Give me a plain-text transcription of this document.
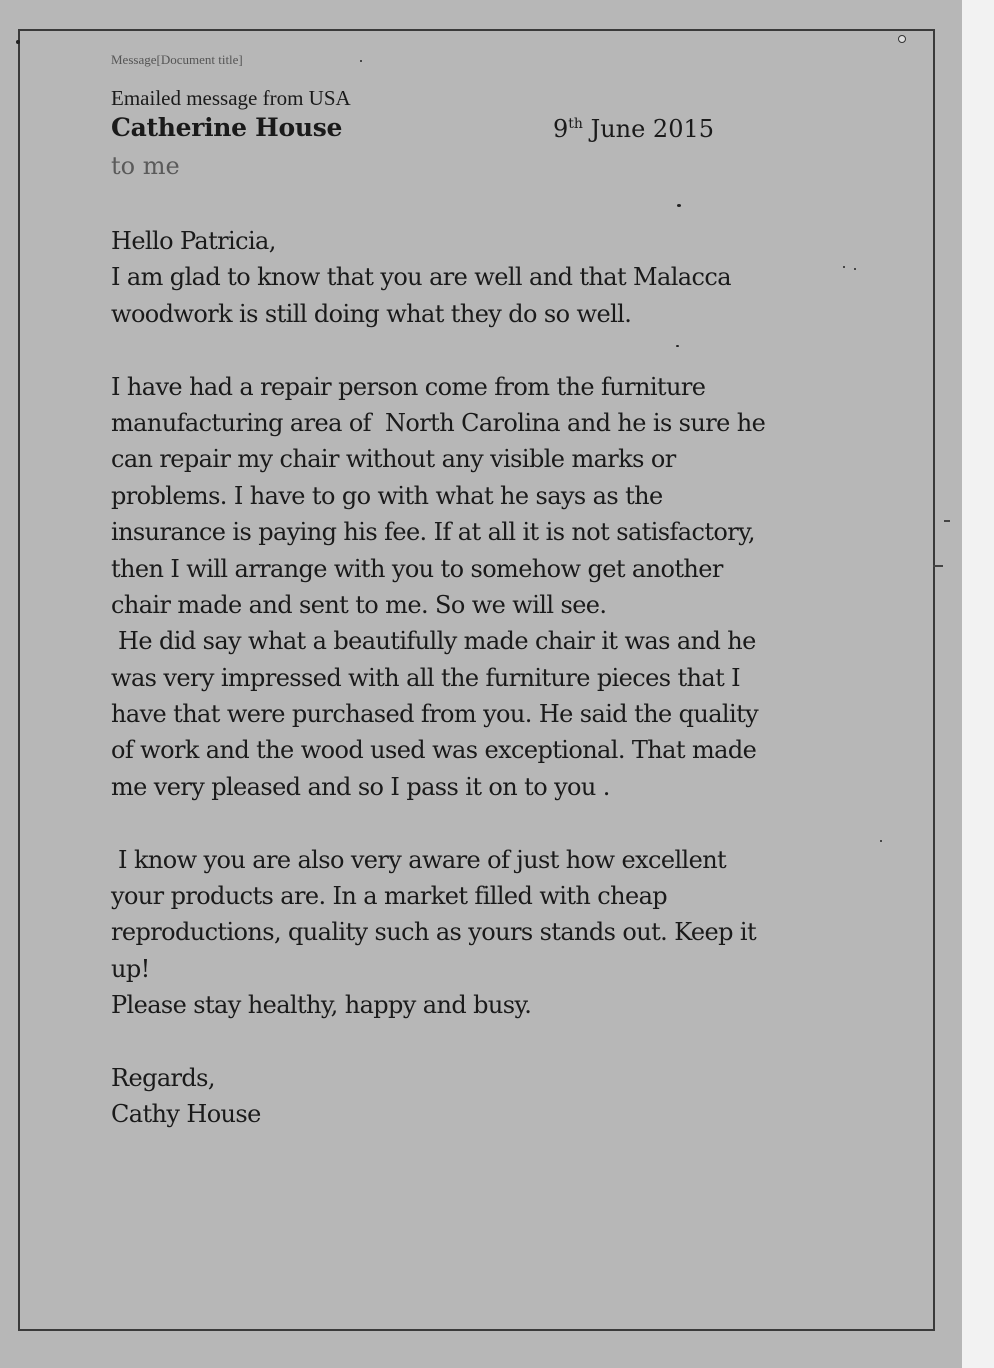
Message[Document title]
Emailed message from USA
Catherine House	9th June 2015
to me
Hello Patricia,
I am glad to know that you are well and that Malacca
woodwork is still doing what they do so well.
I have had a repair person come from the furniture
manufacturing area of  North Carolina and he is sure he
can repair my chair without any visible marks or
problems. I have to go with what he says as the
insurance is paying his fee. If at all it is not satisfactory,
then I will arrange with you to somehow get another
chair made and sent to me. So we will see.
He did say what a beautifully made chair it was and he
was very impressed with all the furniture pieces that I
have that were purchased from you. He said the quality
of work and the wood used was exceptional. That made
me very pleased and so I pass it on to you .
I know you are also very aware of just how excellent
your products are. In a market filled with cheap
reproductions, quality such as yours stands out. Keep it
up!
Please stay healthy, happy and busy.
Regards,
Cathy House
